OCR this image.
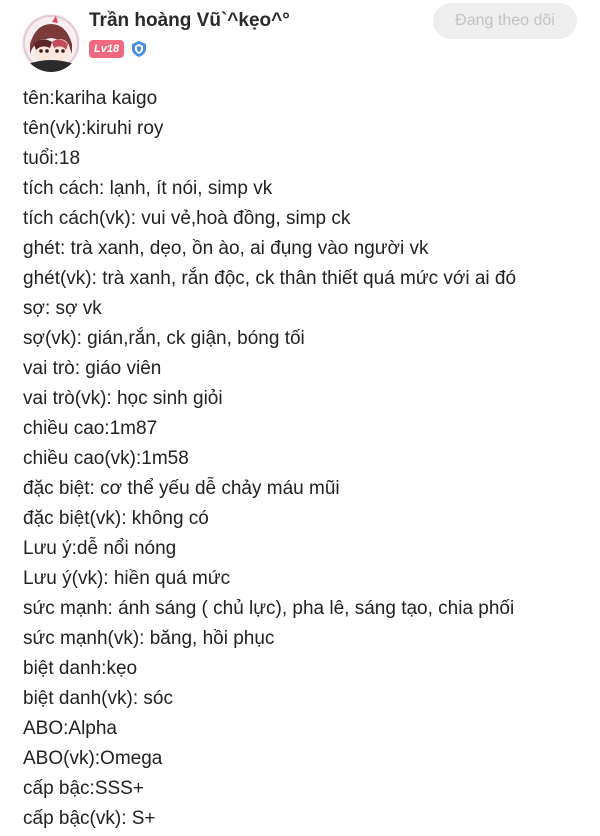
Trần hoàng Vũ`^kẹo^°
Lv18
Đang theo dõi
tên:kariha kaigo
tên(vk):kiruhi roy
tuổi:18
tích cách: lạnh, ít nói, simp vk
tích cách(vk): vui vẻ,hoà đồng, simp ck
ghét: trà xanh, dẹo, ồn ào, ai đụng vào người vk
ghét(vk): trà xanh, rắn độc, ck thân thiết quá mức với ai đó
sợ: sợ vk
sợ(vk): gián,rắn, ck giận, bóng tối
vai trò: giáo viên
vai trò(vk): học sinh giỏi
chiều cao:1m87
chiều cao(vk):1m58
đặc biệt: cơ thể yếu dễ chảy máu mũi
đặc biệt(vk): không có
Lưu ý:dễ nổi nóng
Lưu ý(vk): hiền quá mức
sức mạnh: ánh sáng ( chủ lực), pha lê, sáng tạo, chia phối
sức mạnh(vk): băng, hồi phục
biệt danh:kẹo
biệt danh(vk): sóc
ABO:Alpha
ABO(vk):Omega
cấp bậc:SSS+
cấp bậc(vk): S+
